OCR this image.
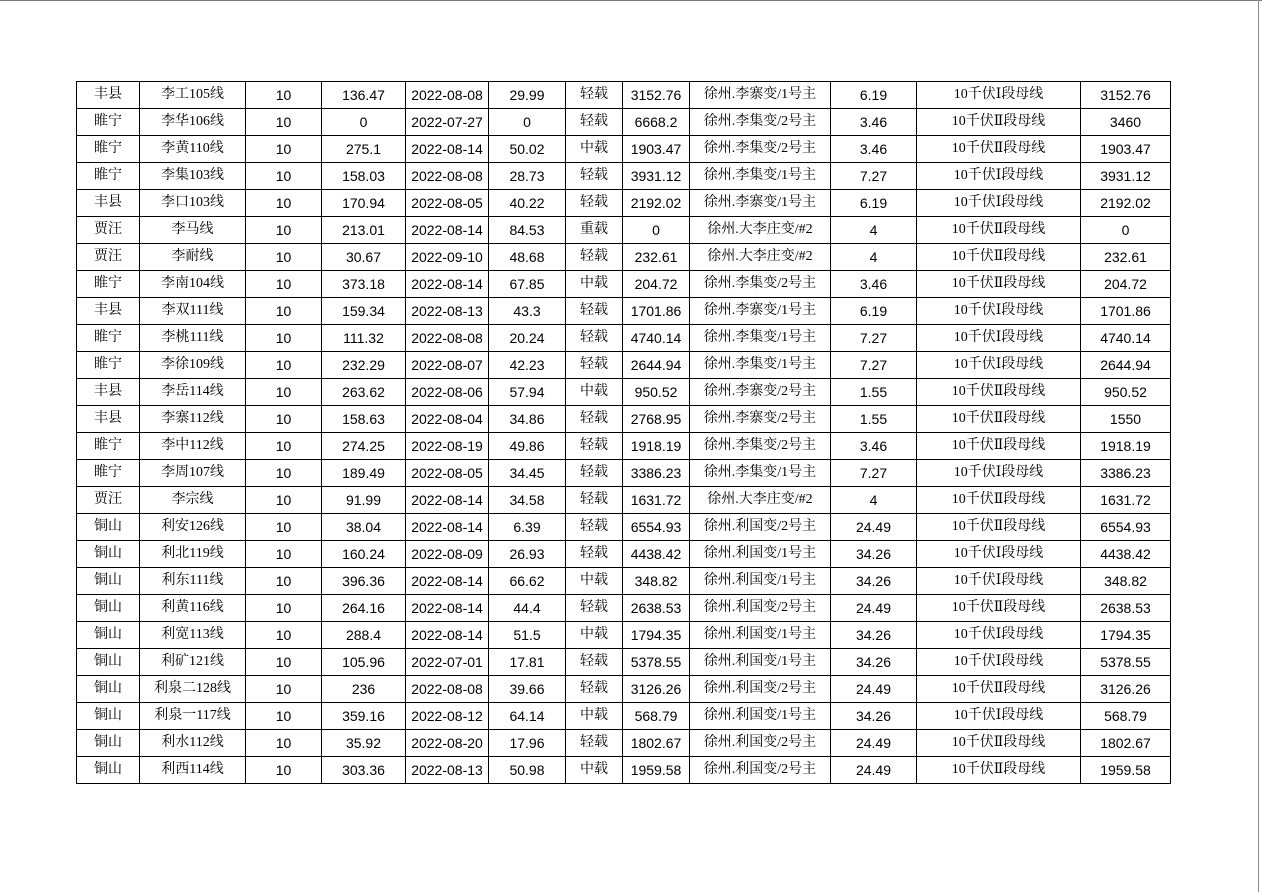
丰县	李工105线	10	136.47	2022-08-08	29.99	轻载	3152.76	徐州.李寨变/1号主	6.19	10千伏Ⅰ段母线	3152.76
睢宁	李华106线	10	0	2022-07-27	0	轻载	6668.2	徐州.李集变/2号主	3.46	10千伏Ⅱ段母线	3460
睢宁	李黄110线	10	275.1	2022-08-14	50.02	中载	1903.47	徐州.李集变/2号主	3.46	10千伏Ⅱ段母线	1903.47
睢宁	李集103线	10	158.03	2022-08-08	28.73	轻载	3931.12	徐州.李集变/1号主	7.27	10千伏Ⅰ段母线	3931.12
丰县	李口103线	10	170.94	2022-08-05	40.22	轻载	2192.02	徐州.李寨变/1号主	6.19	10千伏Ⅰ段母线	2192.02
贾汪	李马线	10	213.01	2022-08-14	84.53	重载	0	徐州.大李庄变/#2	4	10千伏Ⅱ段母线	0
贾汪	李耐线	10	30.67	2022-09-10	48.68	轻载	232.61	徐州.大李庄变/#2	4	10千伏Ⅱ段母线	232.61
睢宁	李南104线	10	373.18	2022-08-14	67.85	中载	204.72	徐州.李集变/2号主	3.46	10千伏Ⅱ段母线	204.72
丰县	李双111线	10	159.34	2022-08-13	43.3	轻载	1701.86	徐州.李寨变/1号主	6.19	10千伏Ⅰ段母线	1701.86
睢宁	李桃111线	10	111.32	2022-08-08	20.24	轻载	4740.14	徐州.李集变/1号主	7.27	10千伏Ⅰ段母线	4740.14
睢宁	李徐109线	10	232.29	2022-08-07	42.23	轻载	2644.94	徐州.李集变/1号主	7.27	10千伏Ⅰ段母线	2644.94
丰县	李岳114线	10	263.62	2022-08-06	57.94	中载	950.52	徐州.李寨变/2号主	1.55	10千伏Ⅱ段母线	950.52
丰县	李寨112线	10	158.63	2022-08-04	34.86	轻载	2768.95	徐州.李寨变/2号主	1.55	10千伏Ⅱ段母线	1550
睢宁	李中112线	10	274.25	2022-08-19	49.86	轻载	1918.19	徐州.李集变/2号主	3.46	10千伏Ⅱ段母线	1918.19
睢宁	李周107线	10	189.49	2022-08-05	34.45	轻载	3386.23	徐州.李集变/1号主	7.27	10千伏Ⅰ段母线	3386.23
贾汪	李宗线	10	91.99	2022-08-14	34.58	轻载	1631.72	徐州.大李庄变/#2	4	10千伏Ⅱ段母线	1631.72
铜山	利安126线	10	38.04	2022-08-14	6.39	轻载	6554.93	徐州.利国变/2号主	24.49	10千伏Ⅱ段母线	6554.93
铜山	利北119线	10	160.24	2022-08-09	26.93	轻载	4438.42	徐州.利国变/1号主	34.26	10千伏Ⅰ段母线	4438.42
铜山	利东111线	10	396.36	2022-08-14	66.62	中载	348.82	徐州.利国变/1号主	34.26	10千伏Ⅰ段母线	348.82
铜山	利黄116线	10	264.16	2022-08-14	44.4	轻载	2638.53	徐州.利国变/2号主	24.49	10千伏Ⅱ段母线	2638.53
铜山	利宽113线	10	288.4	2022-08-14	51.5	中载	1794.35	徐州.利国变/1号主	34.26	10千伏Ⅰ段母线	1794.35
铜山	利矿121线	10	105.96	2022-07-01	17.81	轻载	5378.55	徐州.利国变/1号主	34.26	10千伏Ⅰ段母线	5378.55
铜山	利泉二128线	10	236	2022-08-08	39.66	轻载	3126.26	徐州.利国变/2号主	24.49	10千伏Ⅱ段母线	3126.26
铜山	利泉一117线	10	359.16	2022-08-12	64.14	中载	568.79	徐州.利国变/1号主	34.26	10千伏Ⅰ段母线	568.79
铜山	利水112线	10	35.92	2022-08-20	17.96	轻载	1802.67	徐州.利国变/2号主	24.49	10千伏Ⅱ段母线	1802.67
铜山	利西114线	10	303.36	2022-08-13	50.98	中载	1959.58	徐州.利国变/2号主	24.49	10千伏Ⅱ段母线	1959.58
